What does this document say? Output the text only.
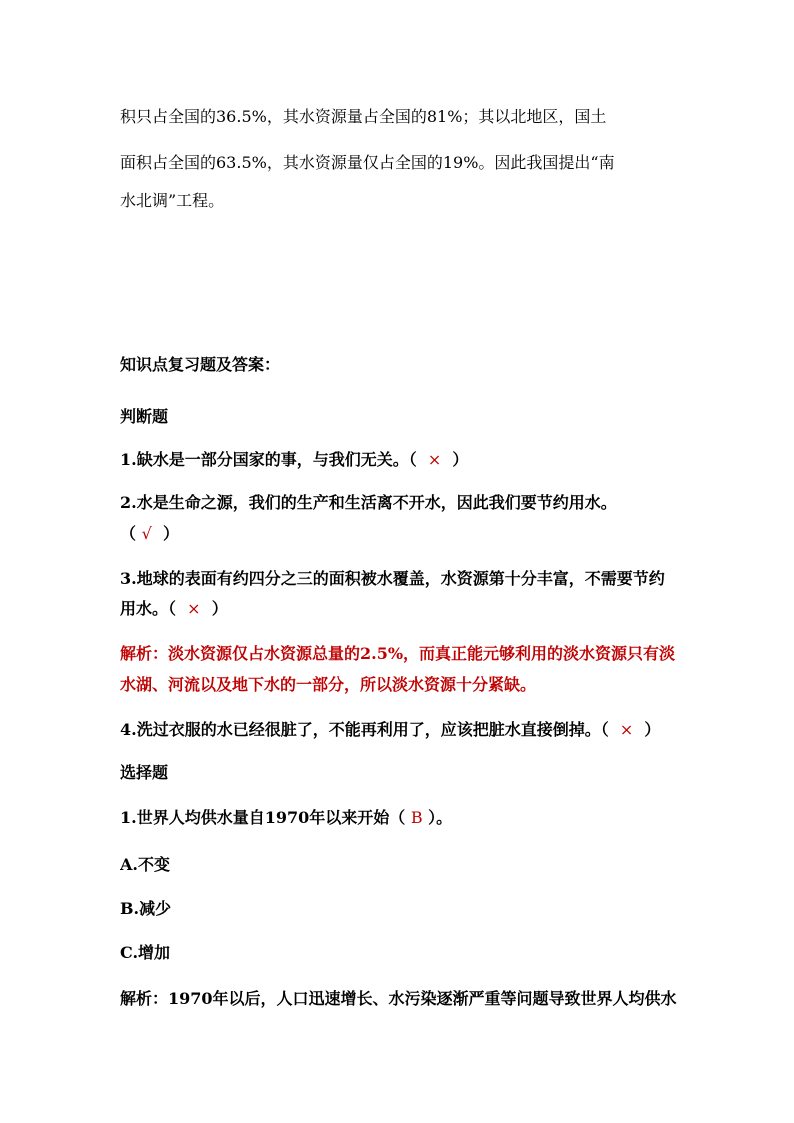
积只占全国的36.5%，其水资源量占全国的81%；其以北地区，国土
面积占全国的63.5%，其水资源量仅占全国的19%。因此我国提出“南
水北调”工程。
知识点复习题及答案：
判断题
1.缺水是一部分国家的事，与我们无关。（ × ）
2.水是生命之源，我们的生产和生活离不开水，因此我们要节约用水。
（ √ ）
3.地球的表面有约四分之三的面积被水覆盖，水资源第十分丰富，不需要节约
用水。（ × ）
解析：淡水资源仅占水资源总量的2.5%，而真正能元够利用的淡水资源只有淡
水湖、河流以及地下水的一部分，所以淡水资源十分紧缺。
4.洗过衣服的水已经很脏了，不能再利用了，应该把脏水直接倒掉。（ × ）
选择题
1.世界人均供水量自1970年以来开始（ B ）。
A.不变
B.减少
C.增加
解析：1970年以后，人口迅速增长、水污染逐渐严重等问题导致世界人均供水
